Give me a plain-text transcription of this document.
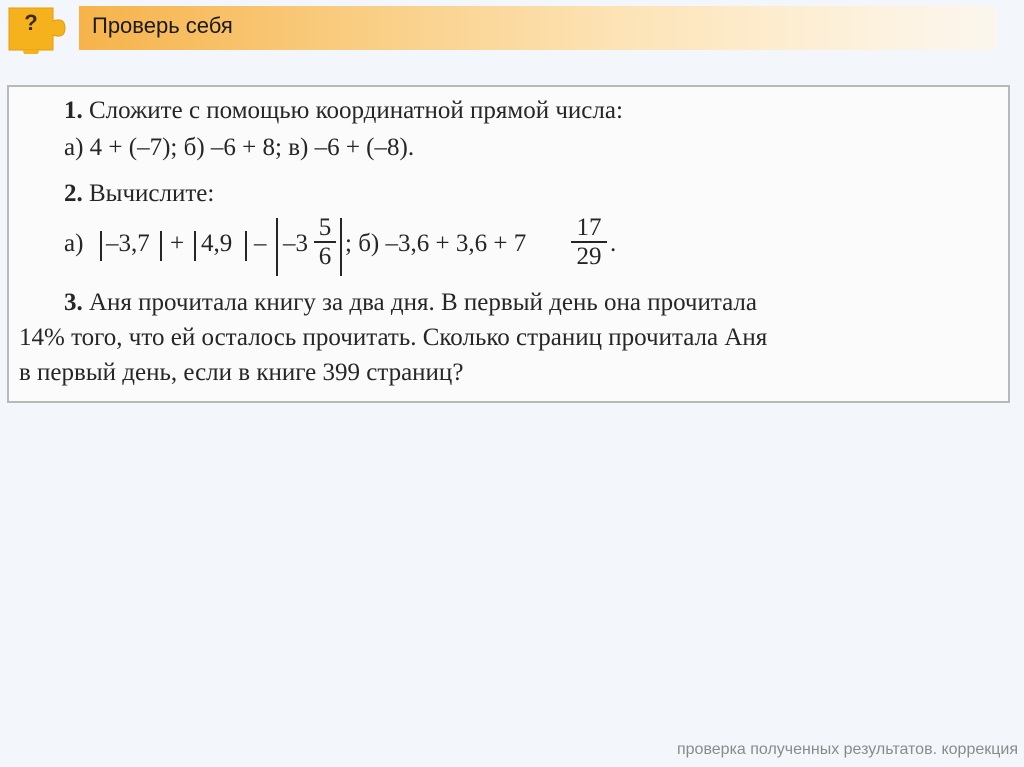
?	Проверь себя
1. Сложите с помощью координатной прямой числа:
а) 4 + (–7); б) –6 + 8; в) –6 + (–8).
2. Вычислите:
а) $-3,7 + 4,9 - -3 \frac{5}{6}$ ; б) $-3,6 + 3,6 + 7 \frac{17}{29}$ .
3. Аня прочитала книгу за два дня. В первый день она прочитала
14% того, что ей осталось прочитать. Сколько страниц прочитала Аня
в первый день, если в книге 399 страниц?
проверка полученных результатов. коррекция
